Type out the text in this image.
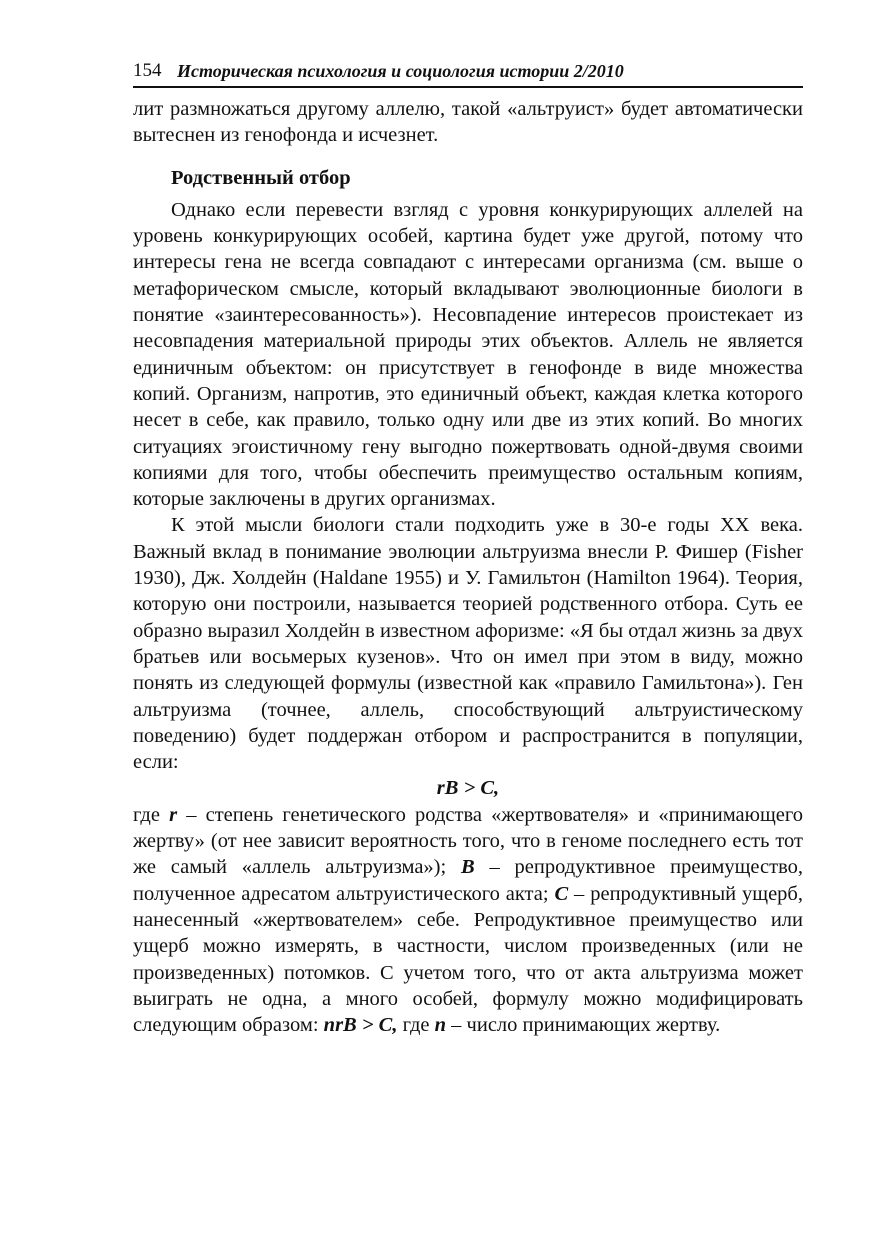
154 Историческая психология и социология истории 2/2010

лит размножаться другому аллелю, такой «альтруист» будет автоматически вытеснен из генофонда и исчезнет.

Родственный отбор

Однако если перевести взгляд с уровня конкурирующих аллелей на уровень конкурирующих особей, картина будет уже другой, потому что интересы гена не всегда совпадают с интересами организма (см. выше о метафорическом смысле, который вкладывают эволюционные биологи в понятие «заинтересованность»). Несовпадение интересов проистекает из несовпадения материальной природы этих объектов. Аллель не является единичным объектом: он присутствует в генофонде в виде множества копий. Организм, напротив, это единичный объект, каждая клетка которого несет в себе, как правило, только одну или две из этих копий. Во многих ситуациях эгоистичному гену выгодно пожертвовать одной-двумя своими копиями для того, чтобы обеспечить преимущество остальным копиям, которые заключены в других организмах.

К этой мысли биологи стали подходить уже в 30-е годы XX века. Важный вклад в понимание эволюции альтруизма внесли Р. Фишер (Fisher 1930), Дж. Холдейн (Haldane 1955) и У. Гамильтон (Hamilton 1964). Теория, которую они построили, называется теорией родственного отбора. Суть ее образно выразил Холдейн в известном афоризме: «Я бы отдал жизнь за двух братьев или восьмерых кузенов». Что он имел при этом в виду, можно понять из следующей формулы (известной как «правило Гамильтона»). Ген альтруизма (точнее, аллель, способствующий альтруистическому поведению) будет поддержан отбором и распространится в популяции, если:

rB > C,

где r – степень генетического родства «жертвователя» и «принимающего жертву» (от нее зависит вероятность того, что в геноме последнего есть тот же самый «аллель альтруизма»); B – репродуктивное преимущество, полученное адресатом альтруистического акта; C – репродуктивный ущерб, нанесенный «жертвователем» себе. Репродуктивное преимущество или ущерб можно измерять, в частности, числом произведенных (или не произведенных) потомков. С учетом того, что от акта альтруизма может выиграть не одна, а много особей, формулу можно модифицировать следующим образом: nrB > C, где n – число принимающих жертву.
